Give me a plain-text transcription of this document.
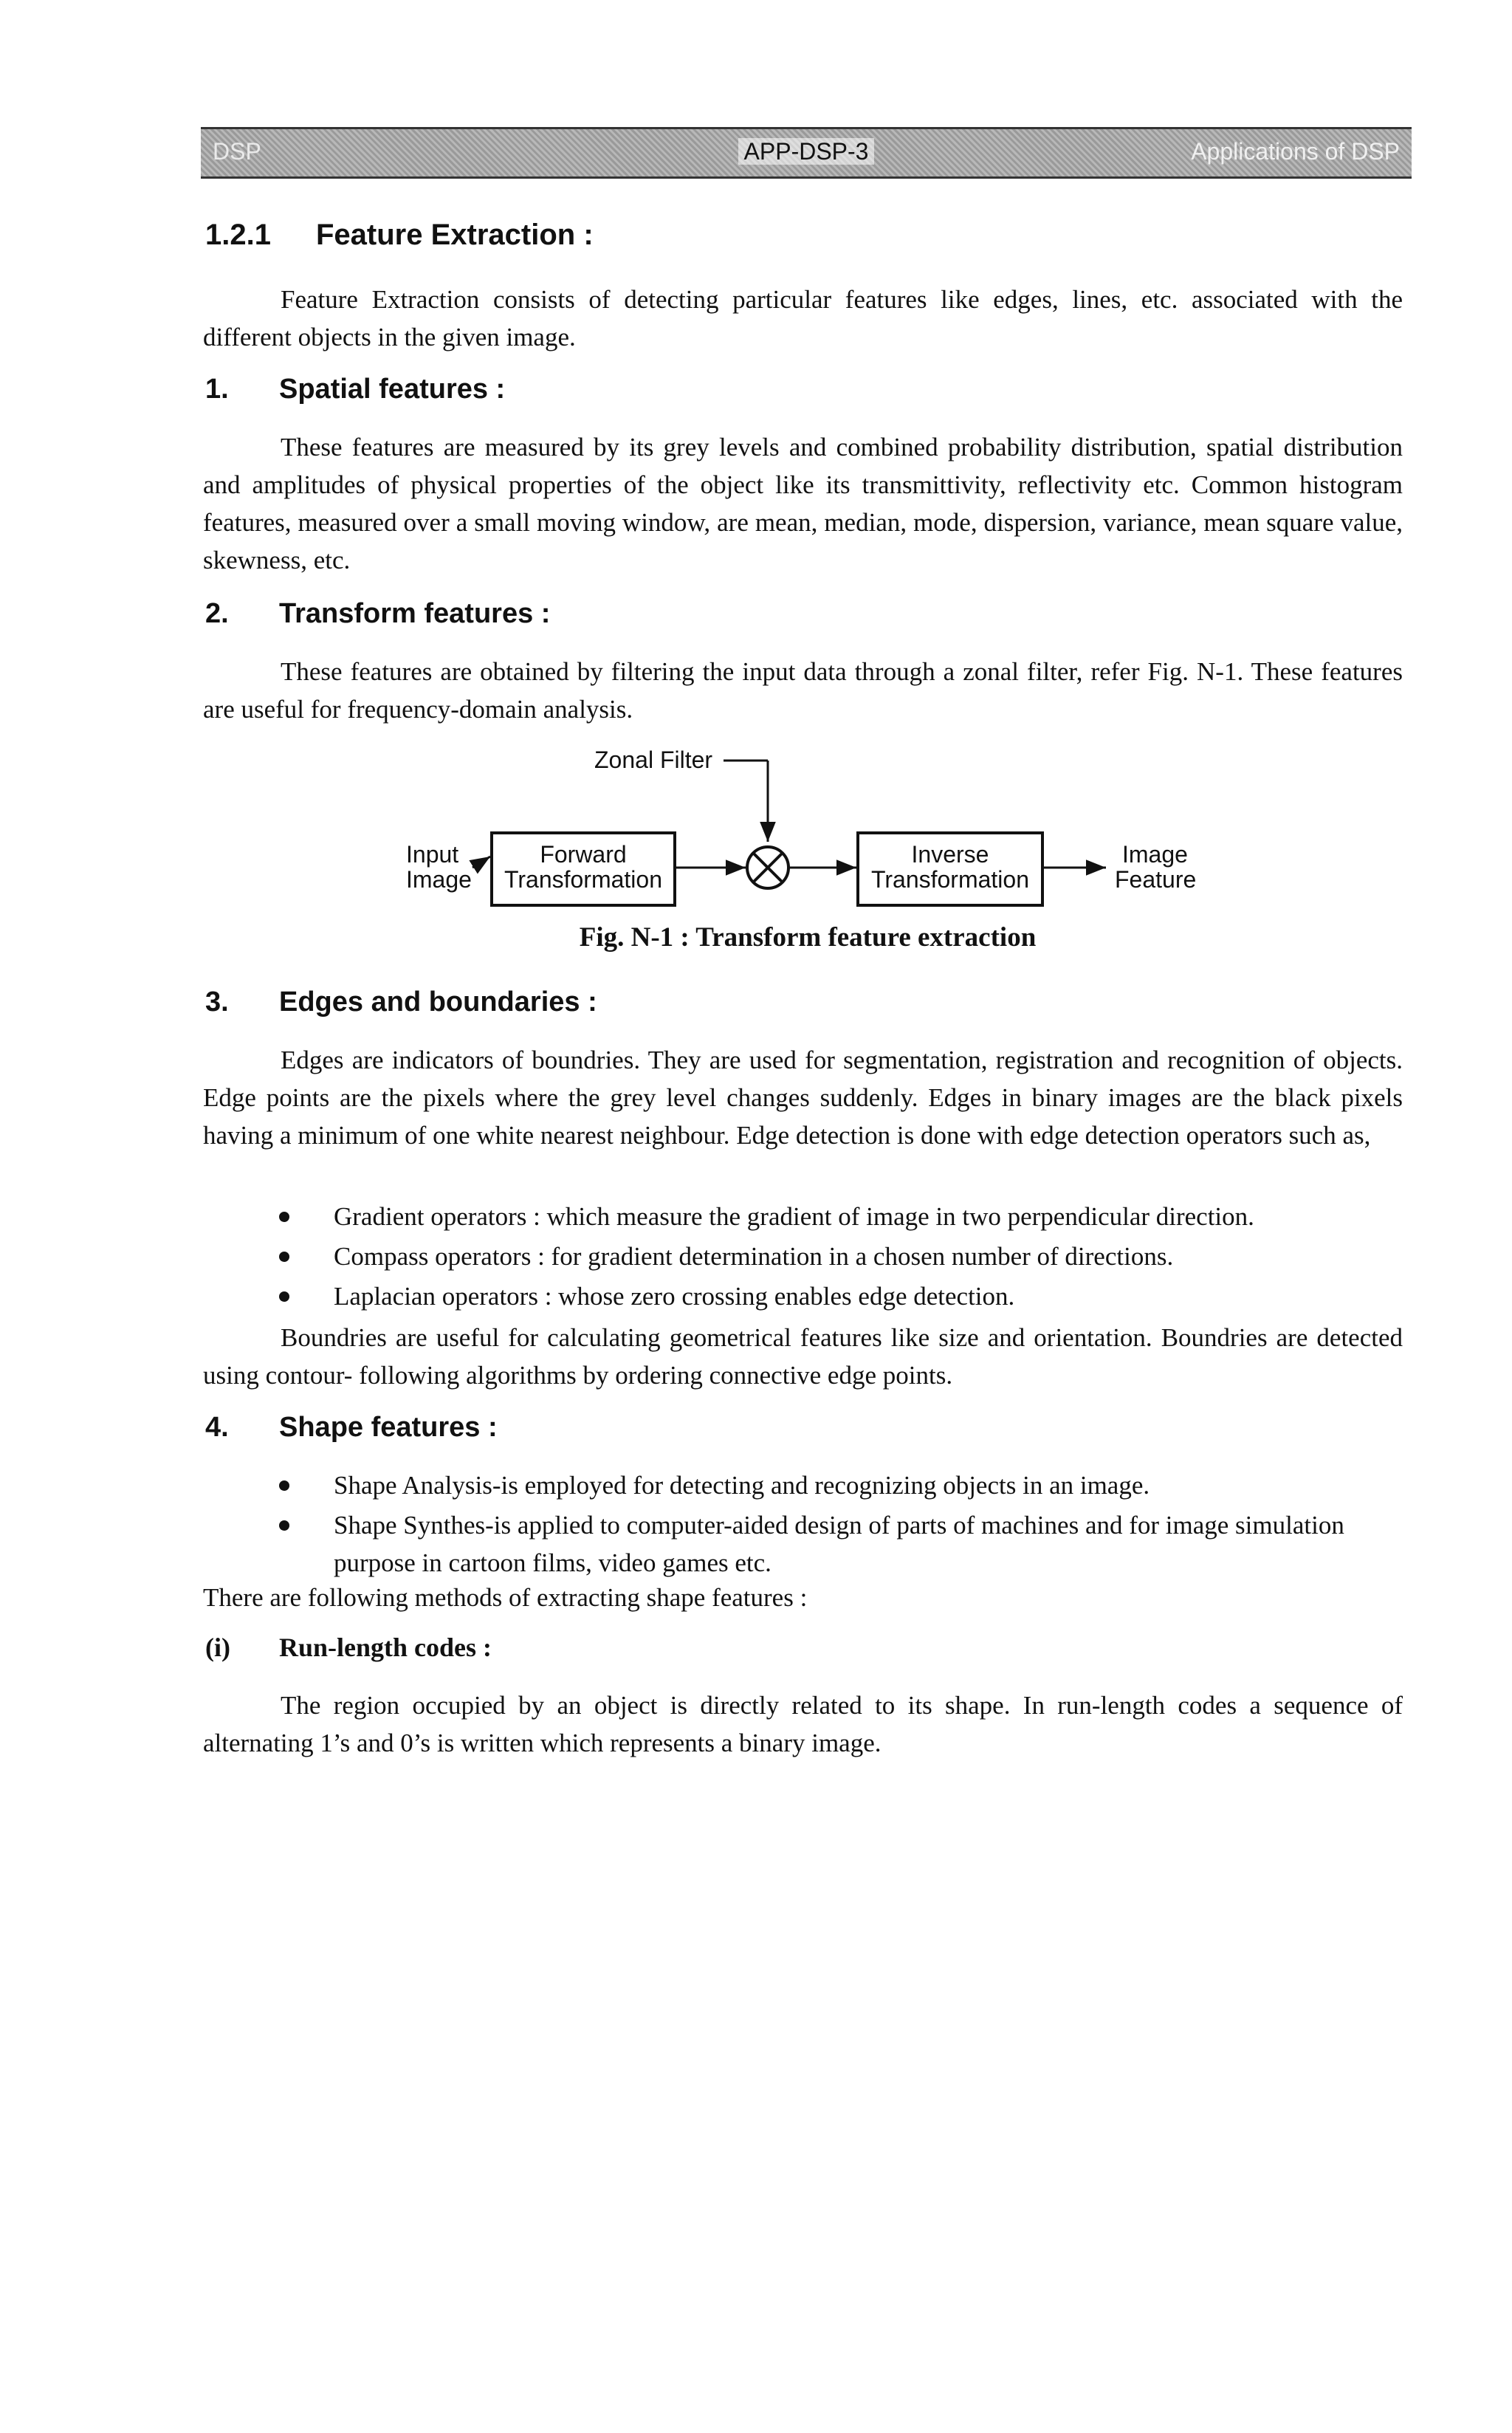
DSP	APP-DSP-3	Applications of DSP
1.2.1 Feature Extraction :
Feature Extraction consists of detecting particular features like edges, lines, etc. associated with the different objects in the given image.
1. Spatial features :
These features are measured by its grey levels and combined probability distribution, spatial distribution and amplitudes of physical properties of the object like its transmittivity, reflectivity etc. Common histogram features, measured over a small moving window, are mean, median, mode, dispersion, variance, mean square value, skewness, etc.
2. Transform features :
These features are obtained by filtering the input data through a zonal filter, refer Fig. N-1. These features are useful for frequency-domain analysis.
Zonal Filter
Input
Image
Forward
Transformation
Inverse
Transformation
Image
Feature
Fig. N-1 : Transform feature extraction
3. Edges and boundaries :
Edges are indicators of boundries. They are used for segmentation, registration and recognition of objects. Edge points are the pixels where the grey level changes suddenly. Edges in binary images are the black pixels having a minimum of one white nearest neighbour. Edge detection is done with edge detection operators such as,
Gradient operators : which measure the gradient of image in two perpendicular direction.
Compass operators : for gradient determination in a chosen number of directions.
Laplacian operators : whose zero crossing enables edge detection.
Boundries are useful for calculating geometrical features like size and orientation. Boundries are detected using contour- following algorithms by ordering connective edge points.
4. Shape features :
Shape Analysis-is employed for detecting and recognizing objects in an image.
Shape Synthes-is applied to computer-aided design of parts of machines and for image simulation purpose in cartoon films, video games etc.
There are following methods of extracting shape features :
(i) Run-length codes :
The region occupied by an object is directly related to its shape. In run-length codes a sequence of alternating 1’s and 0’s is written which represents a binary image.
